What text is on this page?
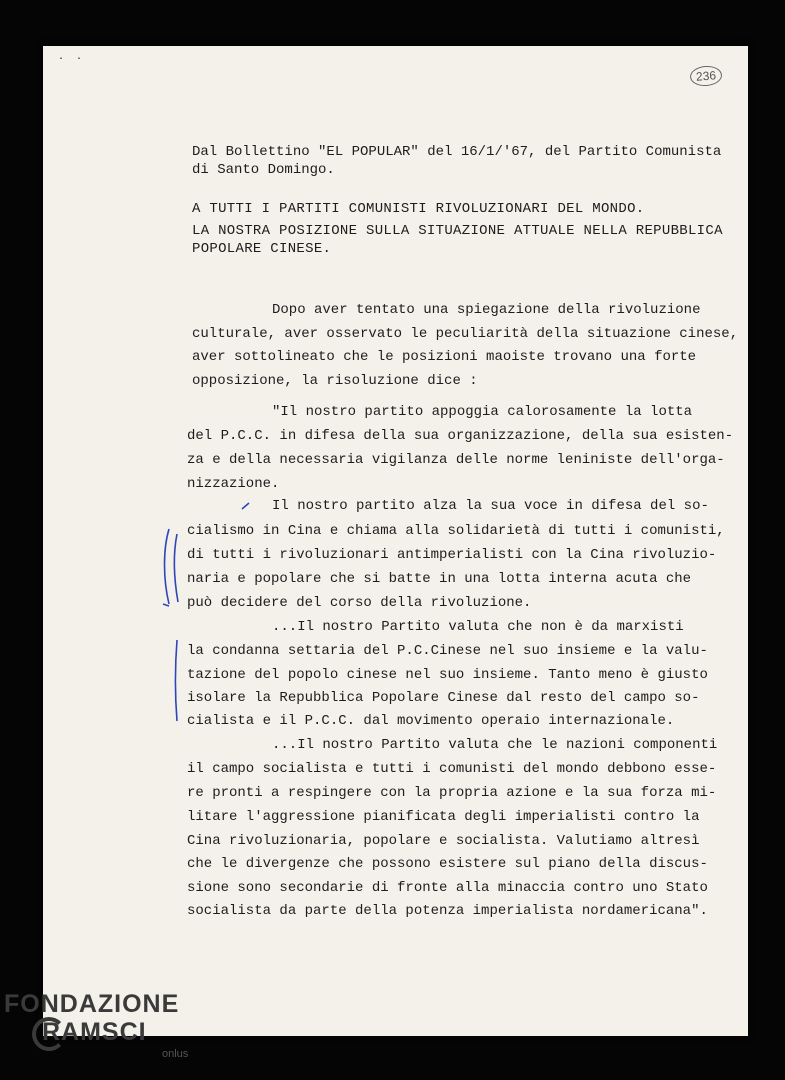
·  ·
236
Dal Bollettino "EL POPULAR" del 16/1/'67, del Partito Comunista
di Santo Domingo.
A TUTTI I PARTITI COMUNISTI RIVOLUZIONARI DEL MONDO.
LA NOSTRA POSIZIONE SULLA SITUAZIONE ATTUALE NELLA REPUBBLICA
POPOLARE CINESE.
Dopo aver tentato una spiegazione della rivoluzione
culturale, aver osservato le peculiarità della situazione cinese,
aver sottolineato che le posizioni maoiste trovano una forte
opposizione, la risoluzione dice :
"Il nostro partito appoggia calorosamente la lotta
del P.C.C. in difesa della sua organizzazione, della sua esisten-
za e della necessaria vigilanza delle norme leniniste dell'orga-
nizzazione.
Il nostro partito alza la sua voce in difesa del so-
cialismo in Cina e chiama alla solidarietà di tutti i comunisti,
di tutti i rivoluzionari antimperialisti con la Cina rivoluzio-
naria e popolare che si batte in una lotta interna acuta che
può decidere del corso della rivoluzione.
...Il nostro Partito valuta che non è da marxisti
la condanna settaria del P.C.Cinese nel suo insieme e la valu-
tazione del popolo cinese nel suo insieme. Tanto meno è giusto
isolare la Repubblica Popolare Cinese dal resto del campo so-
cialista e il P.C.C. dal movimento operaio internazionale.
...Il nostro Partito valuta che le nazioni componenti
il campo socialista e tutti i comunisti del mondo debbono esse-
re pronti a respingere con la propria azione e la sua forza mi-
litare l'aggressione pianificata degli imperialisti contro la
Cina rivoluzionaria, popolare e socialista. Valutiamo altresì
che le divergenze che possono esistere sul piano della discus-
sione sono secondarie di fronte alla minaccia contro uno Stato
socialista da parte della potenza imperialista nordamericana".
FONDAZIONE
RAMSCI
onlus
